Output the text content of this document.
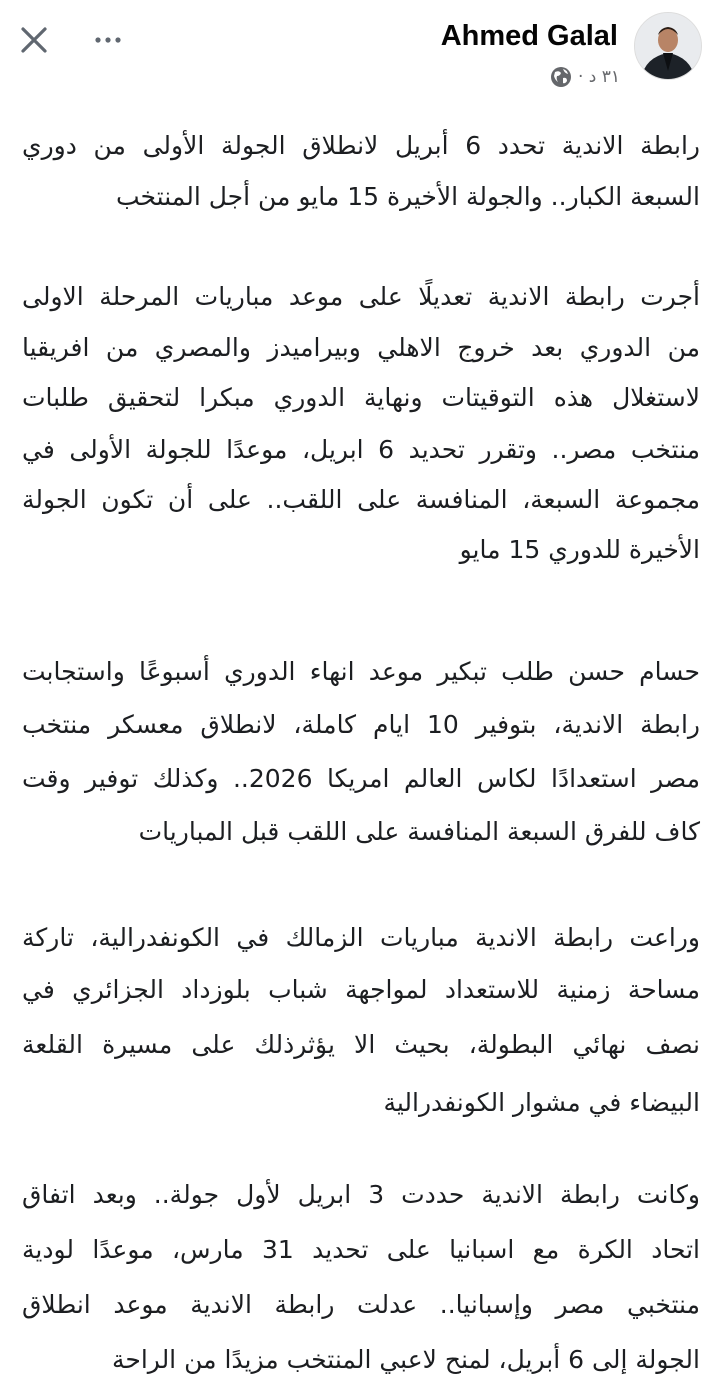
Ahmed Galal
٣١ د ·
رابطة الاندية تحدد 6 أبريل لانطلاق الجولة الأولى من دوري
السبعة الكبار.. والجولة الأخيرة 15 مايو من أجل المنتخب
أجرت رابطة الاندية تعديلًا على موعد مباريات المرحلة الاولى
من الدوري بعد خروج الاهلي وبيراميدز والمصري من افريقيا
لاستغلال هذه التوقيتات ونهاية الدوري مبكرا لتحقيق طلبات
منتخب مصر.. وتقرر تحديد 6 ابريل، موعدًا للجولة الأولى في
مجموعة السبعة، المنافسة على اللقب.. على أن تكون الجولة
الأخيرة للدوري 15 مايو
حسام حسن طلب تبكير موعد انهاء الدوري أسبوعًا واستجابت
رابطة الاندية، بتوفير 10 ايام كاملة، لانطلاق معسكر منتخب
مصر استعدادًا لكاس العالم امريكا 2026.. وكذلك توفير وقت
كاف للفرق السبعة المنافسة على اللقب قبل المباريات
وراعت رابطة الاندية مباريات الزمالك في الكونفدرالية، تاركة
مساحة زمنية للاستعداد لمواجهة شباب بلوزداد الجزائري في
نصف نهائي البطولة، بحيث الا يؤثرذلك على مسيرة القلعة
البيضاء في مشوار الكونفدرالية
وكانت رابطة الاندية حددت 3 ابريل لأول جولة.. وبعد اتفاق
اتحاد الكرة مع اسبانيا على تحديد 31 مارس، موعدًا لودية
منتخبي مصر وإسبانيا.. عدلت رابطة الاندية موعد انطلاق
الجولة إلى 6 أبريل، لمنح لاعبي المنتخب مزيدًا من الراحة
